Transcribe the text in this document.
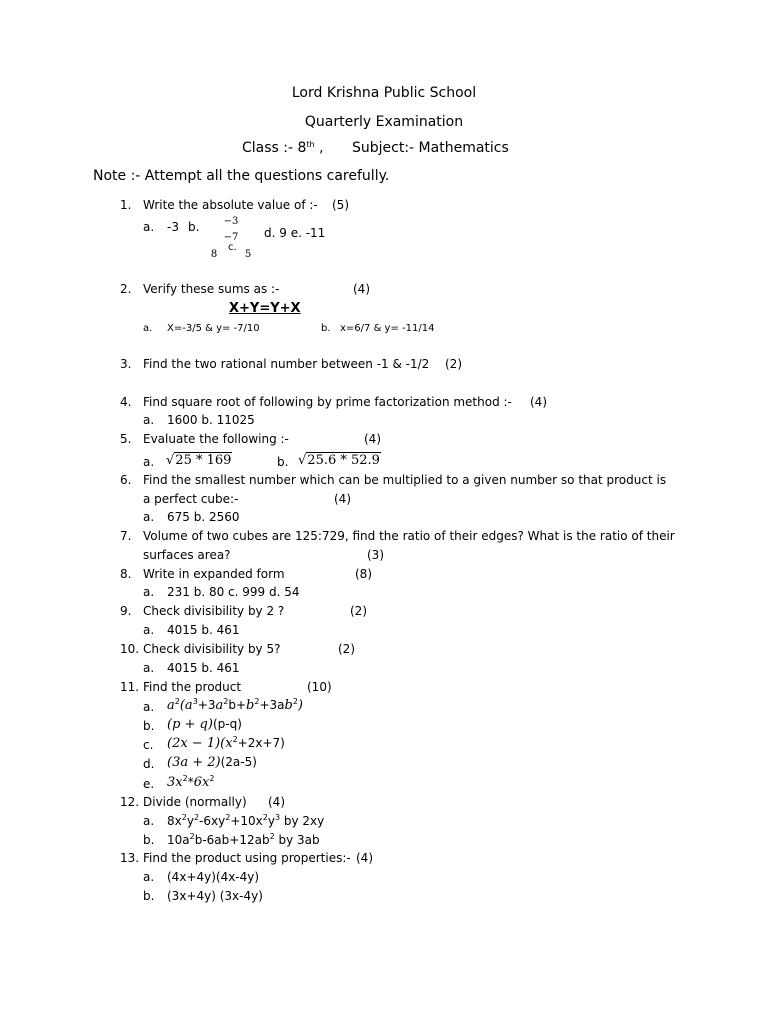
Lord Krishna Public School
Quarterly Examination
Class :- 8th , Subject:- Mathematics
Note :- Attempt all the questions carefully.
1. Write the absolute value of :- (5)
a. -3 b. −3
−7
8
c.
5
d. 9 e. -11
2. Verify these sums as :-	(4)
X+Y=Y+X
a. X=-3/5 & y= -7/10	b. x=6/7 & y= -11/14
3. Find the two rational number between -1 & -1/2 (2)
4. Find square root of following by prime factorization method :- (4)
a. 1600 b. 11025
5. Evaluate the following :-	(4)
a. √25 * 169	b. √25.6 * 52.9
6. Find the smallest number which can be multiplied to a given number so that product is
a perfect cube:-	(4)
a. 675 b. 2560
7. Volume of two cubes are 125:729, find the ratio of their edges? What is the ratio of their
surfaces area?	(3)
8. Write in expanded form	(8)
a. 231 b. 80 c. 999 d. 54
9. Check divisibility by 2 ?	(2)
a. 4015 b. 461
10. Check divisibility by 5?	(2)
a. 4015 b. 461
11. Find the product	(10)
a. $a^2(a^3+3a^2b+b^2+3ab^2)$
b. (p + q)(p-q)
c. $(2x - 1)(x^2+2x+7)$
d. (3a + 2)(2a-5)
e. $3x^2*6x^2$
12. Divide (normally) (4)
a. $8x^2y^2-6xy^2+10x^2y^3$ by 2xy
b. $10a^2b-6ab+12ab^2$ by 3ab
13. Find the product using properties:- (4)
a. (4x+4y)(4x-4y)
b. (3x+4y) (3x-4y)
